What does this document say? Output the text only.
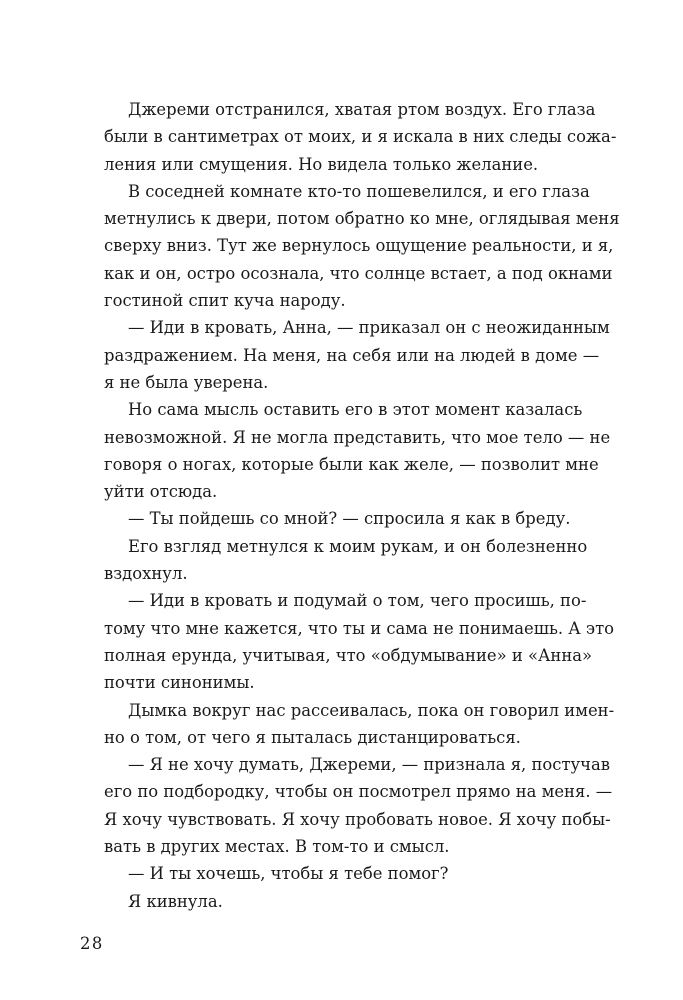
Джереми отстранился, хватая ртом воздух. Его глаза
были в сантиметрах от моих, и я искала в них следы сожа-
ления или смущения. Но видела только желание.
В соседней комнате кто-то пошевелился, и его глаза
метнулись к двери, потом обратно ко мне, оглядывая меня
сверху вниз. Тут же вернулось ощущение реальности, и я,
как и он, остро осознала, что солнце встает, а под окнами
гостиной спит куча народу.
— Иди в кровать, Анна, — приказал он с неожиданным
раздражением. На меня, на себя или на людей в доме —
я не была уверена.
Но сама мысль оставить его в этот момент казалась
невозможной. Я не могла представить, что мое тело — не
говоря о ногах, которые были как желе, — позволит мне
уйти отсюда.
— Ты пойдешь со мной? — спросила я как в бреду.
Его взгляд метнулся к моим рукам, и он болезненно
вздохнул.
— Иди в кровать и подумай о том, чего просишь, по-
тому что мне кажется, что ты и сама не понимаешь. А это
полная ерунда, учитывая, что «обдумывание» и «Анна»
почти синонимы.
Дымка вокруг нас рассеивалась, пока он говорил имен-
но о том, от чего я пыталась дистанцироваться.
— Я не хочу думать, Джереми, — признала я, постучав
его по подбородку, чтобы он посмотрел прямо на меня. —
Я хочу чувствовать. Я хочу пробовать новое. Я хочу побы-
вать в других местах. В том-то и смысл.
— И ты хочешь, чтобы я тебе помог?
Я кивнула.
28
